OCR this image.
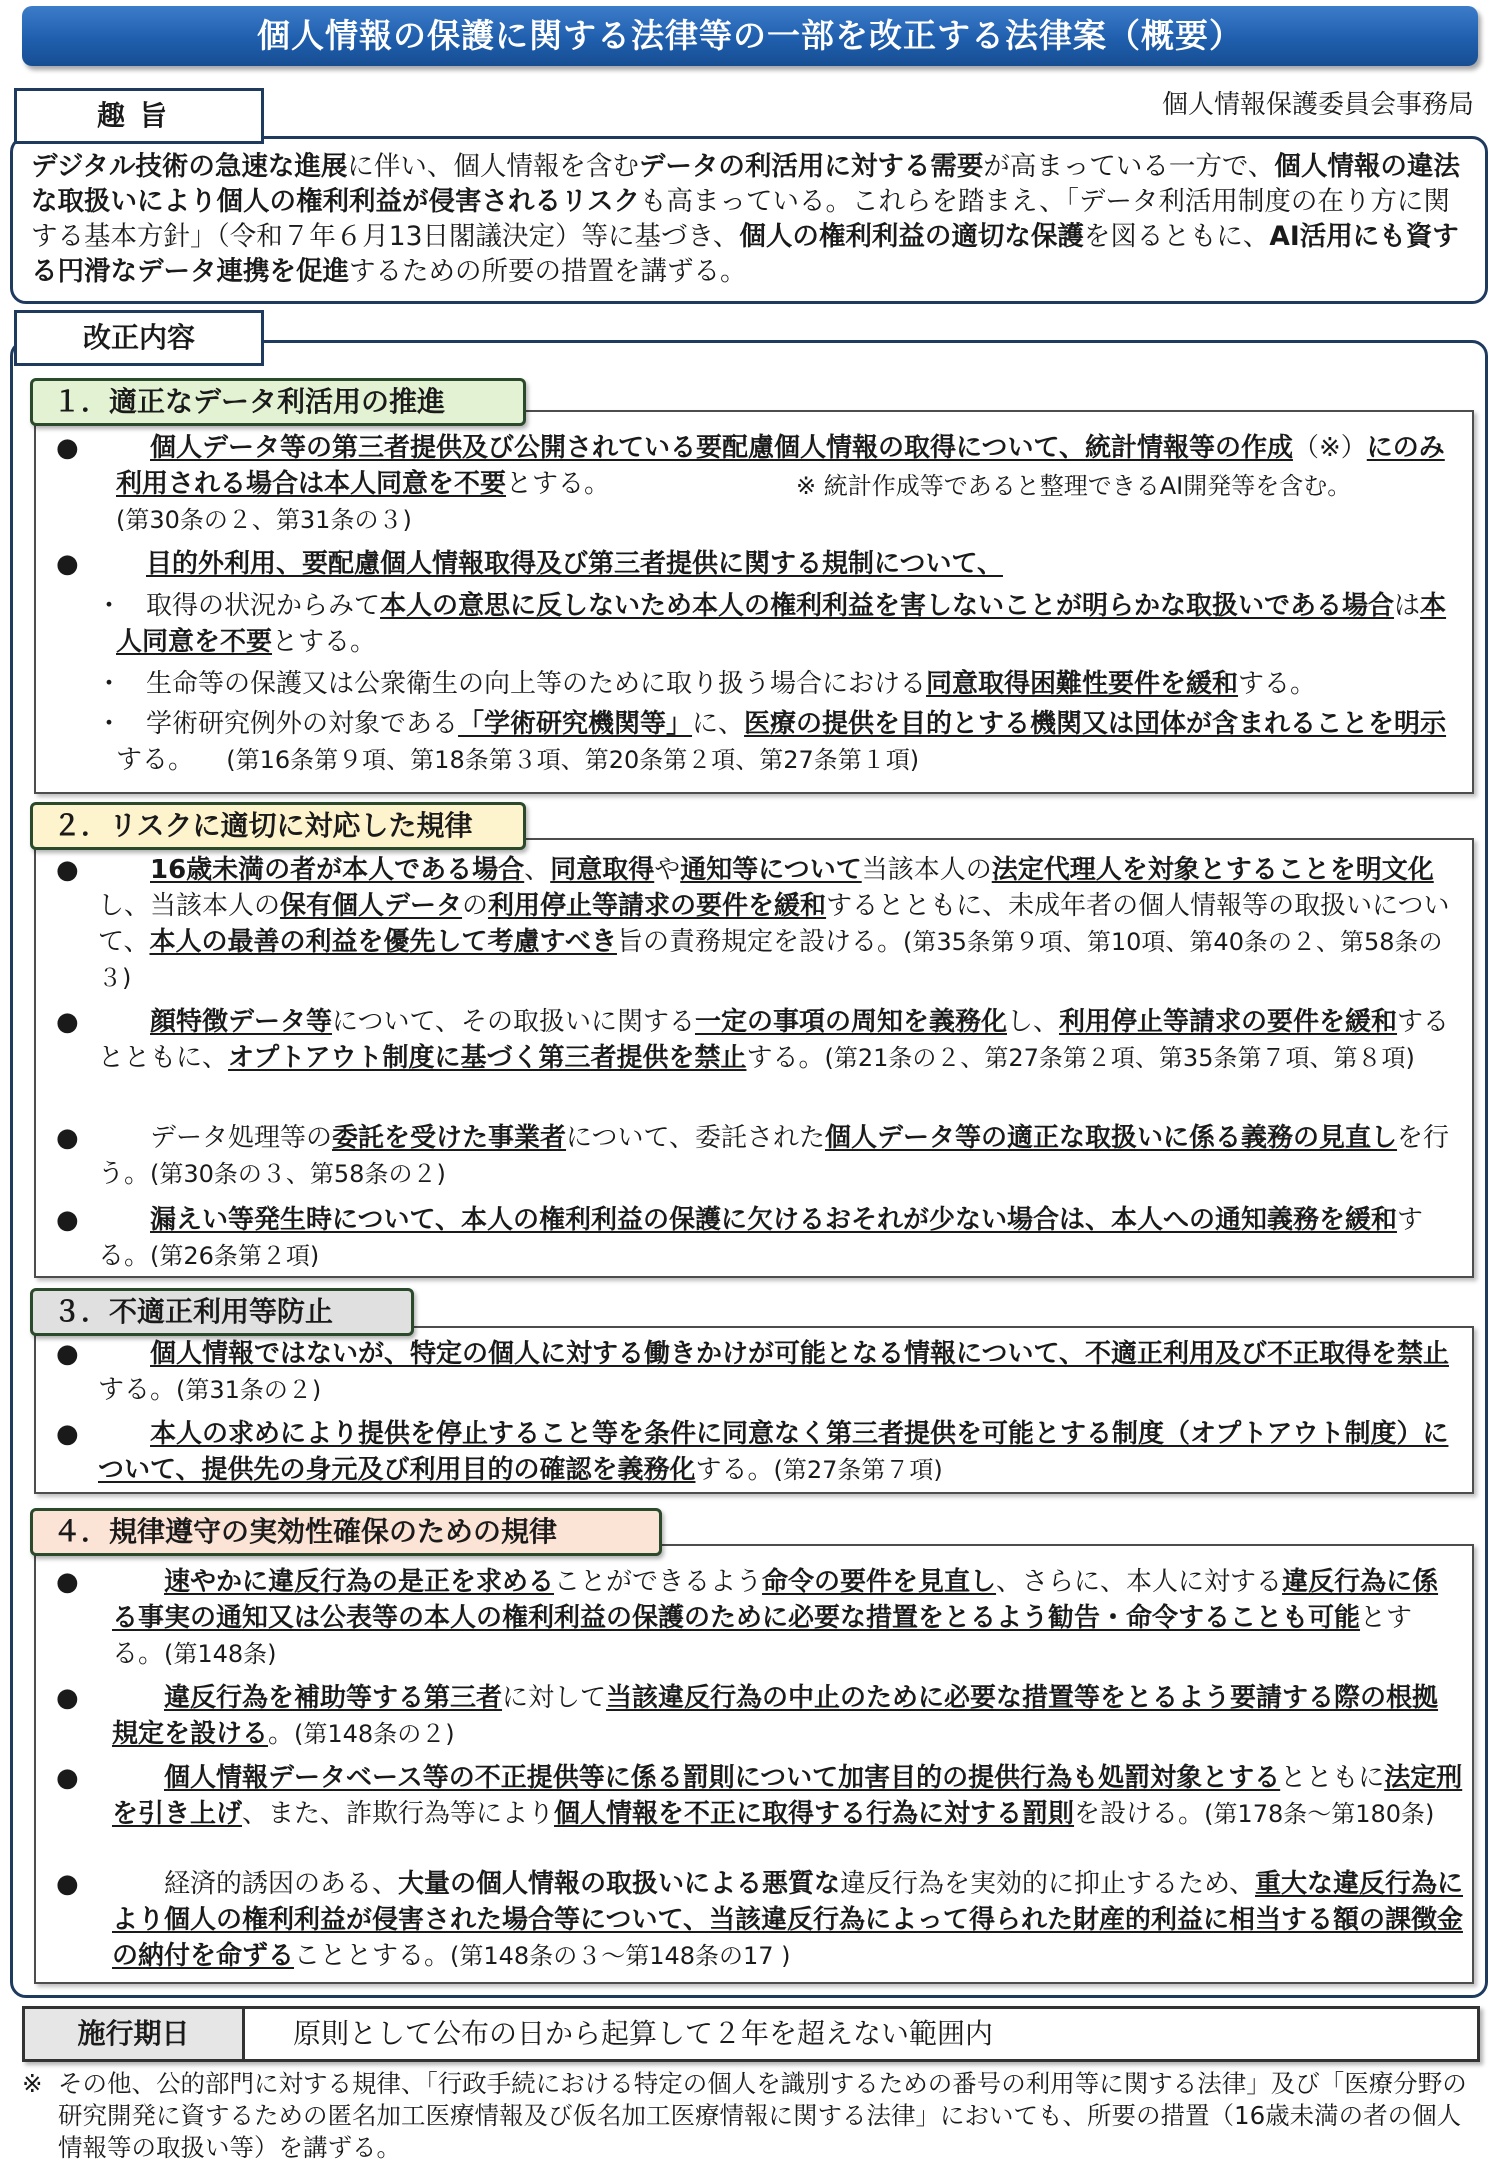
個人情報の保護に関する法律等の一部を改正する法律案（概要）
個人情報保護委員会事務局
趣旨
デジタル技術の急速な進展に伴い、個人情報を含むデータの利活用に対する需要が高まっている一方で、個人情報の違法な取扱いにより個人の権利利益が侵害されるリスクも高まっている。これらを踏まえ、「データ利活用制度の在り方に関する基本方針」（令和７年６月13日閣議決定）等に基づき、個人の権利利益の適切な保護を図るともに、AI活用にも資する円滑なデータ連携を促進するための所要の措置を講ずる。
改正内容
１．適正なデータ利活用の推進
●	個人データ等の第三者提供及び公開されている要配慮個人情報の取得について、統計情報等の作成（※）にのみ利用される場合は本人同意を不要とする。	※ 統計作成等であると整理できるAI開発等を含む。
(第30条の２、第31条の３)
●	目的外利用、要配慮個人情報取得及び第三者提供に関する規制について、
・ 取得の状況からみて本人の意思に反しないため本人の権利利益を害しないことが明らかな取扱いである場合は本人同意を不要とする。
・ 生命等の保護又は公衆衛生の向上等のために取り扱う場合における同意取得困難性要件を緩和する。
・ 学術研究例外の対象である「学術研究機関等」に、医療の提供を目的とする機関又は団体が含まれることを明示する。 (第16条第９項、第18条第３項、第20条第２項、第27条第１項)
２．リスクに適切に対応した規律
●	16歳未満の者が本人である場合、同意取得や通知等について当該本人の法定代理人を対象とすることを明文化し、当該本人の保有個人データの利用停止等請求の要件を緩和するとともに、未成年者の個人情報等の取扱いについて、本人の最善の利益を優先して考慮すべき旨の責務規定を設ける。(第35条第９項、第10項、第40条の２、第58条の３)
●	顔特徴データ等について、その取扱いに関する一定の事項の周知を義務化し、利用停止等請求の要件を緩和するとともに、オプトアウト制度に基づく第三者提供を禁止する。(第21条の２、第27条第２項、第35条第７項、第８項)
●	データ処理等の委託を受けた事業者について、委託された個人データ等の適正な取扱いに係る義務の見直しを行う。(第30条の３、第58条の２)
●	漏えい等発生時について、本人の権利利益の保護に欠けるおそれが少ない場合は、本人への通知義務を緩和する。(第26条第２項)
３．不適正利用等防止
●	個人情報ではないが、特定の個人に対する働きかけが可能となる情報について、不適正利用及び不正取得を禁止する。(第31条の２)
●	本人の求めにより提供を停止すること等を条件に同意なく第三者提供を可能とする制度（オプトアウト制度）について、提供先の身元及び利用目的の確認を義務化する。(第27条第７項)
４．規律遵守の実効性確保のための規律
●	速やかに違反行為の是正を求めることができるよう命令の要件を見直し、さらに、本人に対する違反行為に係る事実の通知又は公表等の本人の権利利益の保護のために必要な措置をとるよう勧告・命令することも可能とする。(第148条)
●	違反行為を補助等する第三者に対して当該違反行為の中止のために必要な措置等をとるよう要請する際の根拠規定を設ける。(第148条の２)
●	個人情報データベース等の不正提供等に係る罰則について加害目的の提供行為も処罰対象とするとともに法定刑を引き上げ、また、詐欺行為等により個人情報を不正に取得する行為に対する罰則を設ける。(第178条～第180条)
●	経済的誘因のある、大量の個人情報の取扱いによる悪質な違反行為を実効的に抑止するため、重大な違反行為により個人の権利利益が侵害された場合等について、当該違反行為によって得られた財産的利益に相当する額の課徴金の納付を命ずることとする。(第148条の３～第148条の17 )
施行期日	原則として公布の日から起算して２年を超えない範囲内
※ その他、公的部門に対する規律、「行政手続における特定の個人を識別するための番号の利用等に関する法律」及び「医療分野の研究開発に資するための匿名加工医療情報及び仮名加工医療情報に関する法律」においても、所要の措置（16歳未満の者の個人情報等の取扱い等）を講ずる。
